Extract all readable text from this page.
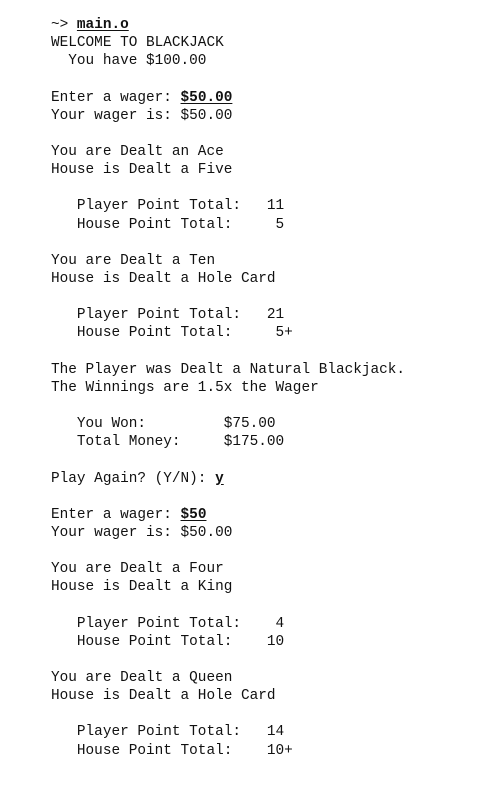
~> main.o
WELCOME TO BLACKJACK
You have $100.00
Enter a wager: $50.00
Your wager is: $50.00
You are Dealt an Ace
House is Dealt a Five
Player Point Total:   11
House Point Total:     5
You are Dealt a Ten
House is Dealt a Hole Card
Player Point Total:   21
House Point Total:     5+
The Player was Dealt a Natural Blackjack.
The Winnings are 1.5x the Wager
You Won:         $75.00
Total Money:     $175.00
Play Again? (Y/N): y
Enter a wager: $50
Your wager is: $50.00
You are Dealt a Four
House is Dealt a King
Player Point Total:    4
House Point Total:    10
You are Dealt a Queen
House is Dealt a Hole Card
Player Point Total:   14
House Point Total:    10+
